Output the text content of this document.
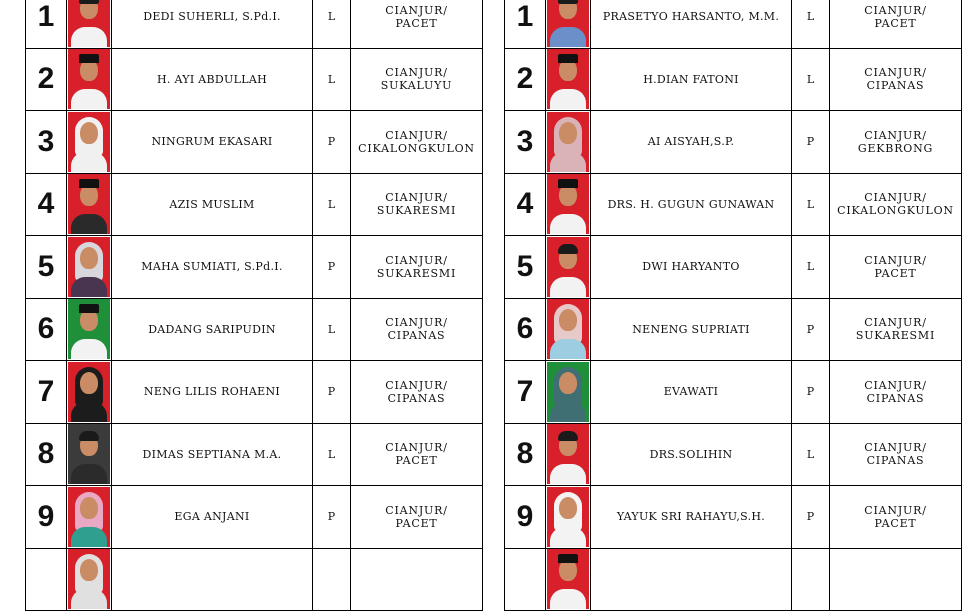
1		DEDI SUHERLI, S.Pd.I.	L	CIANJUR/
PACET

2		H. AYI ABDULLAH	L	CIANJUR/
SUKALUYU

3		NINGRUM EKASARI	P	CIANJUR/
CIKALONGKULON

4		AZIS MUSLIM	L	CIANJUR/
SUKARESMI

5		MAHA SUMIATI, S.Pd.I.	P	CIANJUR/
SUKARESMI

6		DADANG SARIPUDIN	L	CIANJUR/
CIPANAS

7		NENG LILIS ROHAENI	P	CIANJUR/
CIPANAS

8		DIMAS SEPTIANA M.A.	L	CIANJUR/
PACET

9		EGA ANJANI	P	CIANJUR/
PACET

1		PRASETYO HARSANTO, M.M.	L	CIANJUR/
PACET

2		H.DIAN FATONI	L	CIANJUR/
CIPANAS

3		AI AISYAH,S.P.	P	CIANJUR/
GEKBRONG

4		DRS. H. GUGUN GUNAWAN	L	CIANJUR/
CIKALONGKULON

5		DWI HARYANTO	L	CIANJUR/
PACET

6		NENENG SUPRIATI	P	CIANJUR/
SUKARESMI

7		EVAWATI	P	CIANJUR/
CIPANAS

8		DRS.SOLIHIN	L	CIANJUR/
CIPANAS

9		YAYUK SRI RAHAYU,S.H.	P	CIANJUR/
PACET
